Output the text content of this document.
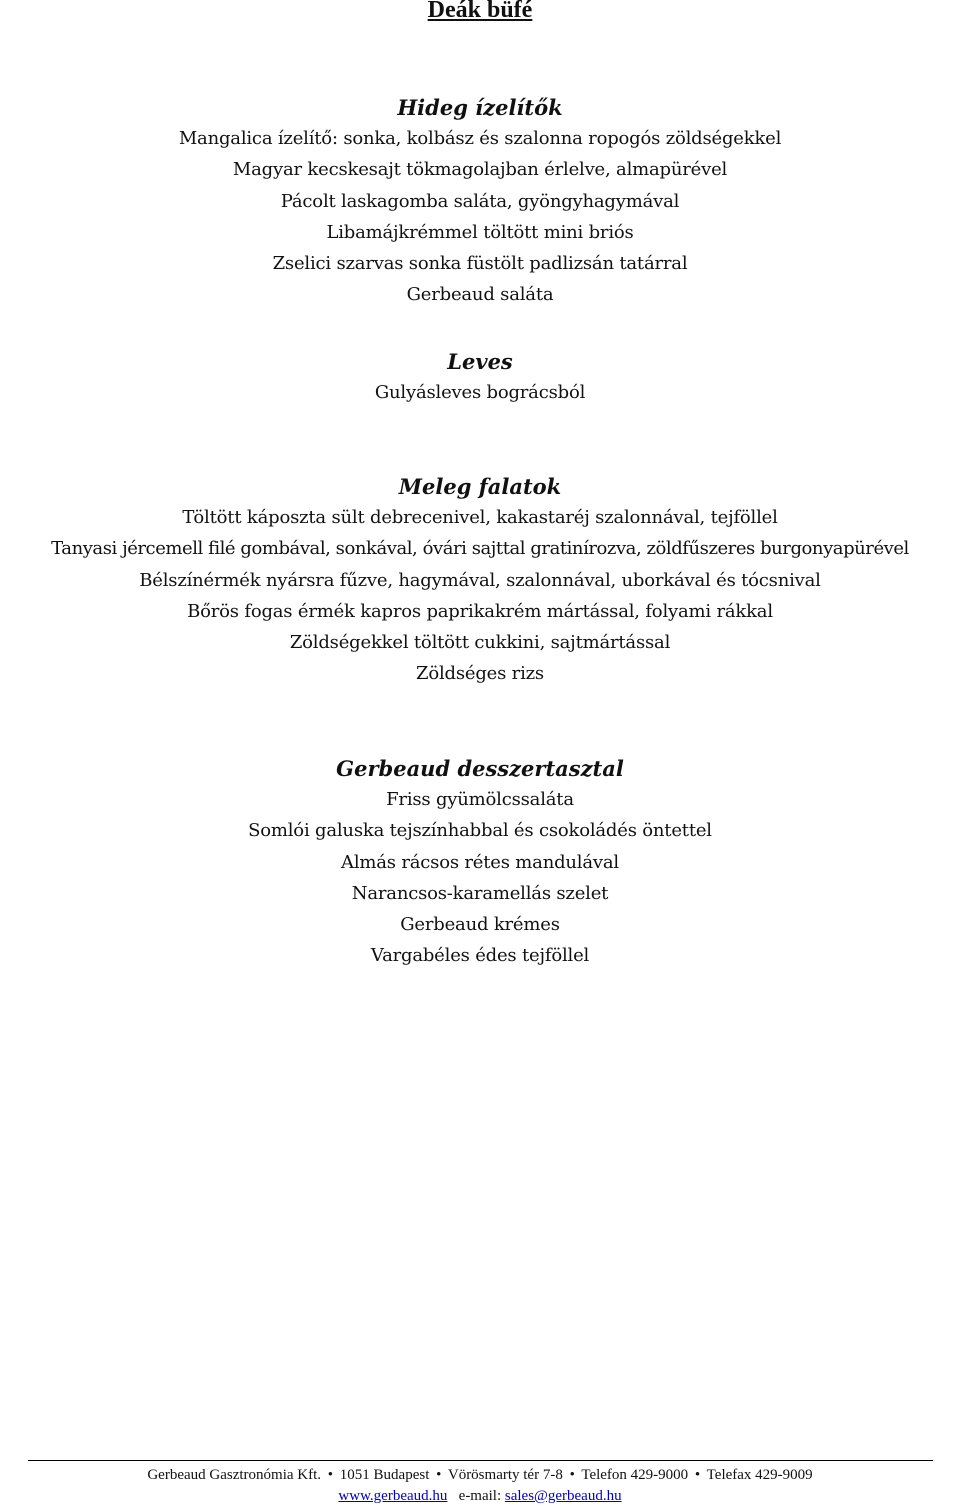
Deák büfé
Hideg ízelítők
Mangalica ízelítő: sonka, kolbász és szalonna ropogós zöldségekkel
Magyar kecskesajt tökmagolajban érlelve, almapürével
Pácolt laskagomba saláta, gyöngyhagymával
Libamájkrémmel töltött mini briós
Zselici szarvas sonka füstölt padlizsán tatárral
Gerbeaud saláta
Leves
Gulyásleves bográcsból
Meleg falatok
Töltött káposzta sült debrecenivel, kakastaréj szalonnával, tejföllel
Tanyasi jércemell filé gombával, sonkával, óvári sajttal gratinírozva, zöldfűszeres burgonyapürével
Bélszínérmék nyársra fűzve, hagymával, szalonnával, uborkával és tócsnival
Bőrös fogas érmék kapros paprikakrém mártással, folyami rákkal
Zöldségekkel töltött cukkini, sajtmártással
Zöldséges rizs
Gerbeaud desszertasztal
Friss gyümölcssaláta
Somlói galuska tejszínhabbal és csokoládés öntettel
Almás rácsos rétes mandulával
Narancsos-karamellás szelet
Gerbeaud krémes
Vargabéles édes tejföllel
Gerbeaud Gasztronómia Kft. • 1051 Budapest • Vörösmarty tér 7-8 • Telefon 429-9000 • Telefax 429-9009
www.gerbeaud.hu e-mail: sales@gerbeaud.hu
